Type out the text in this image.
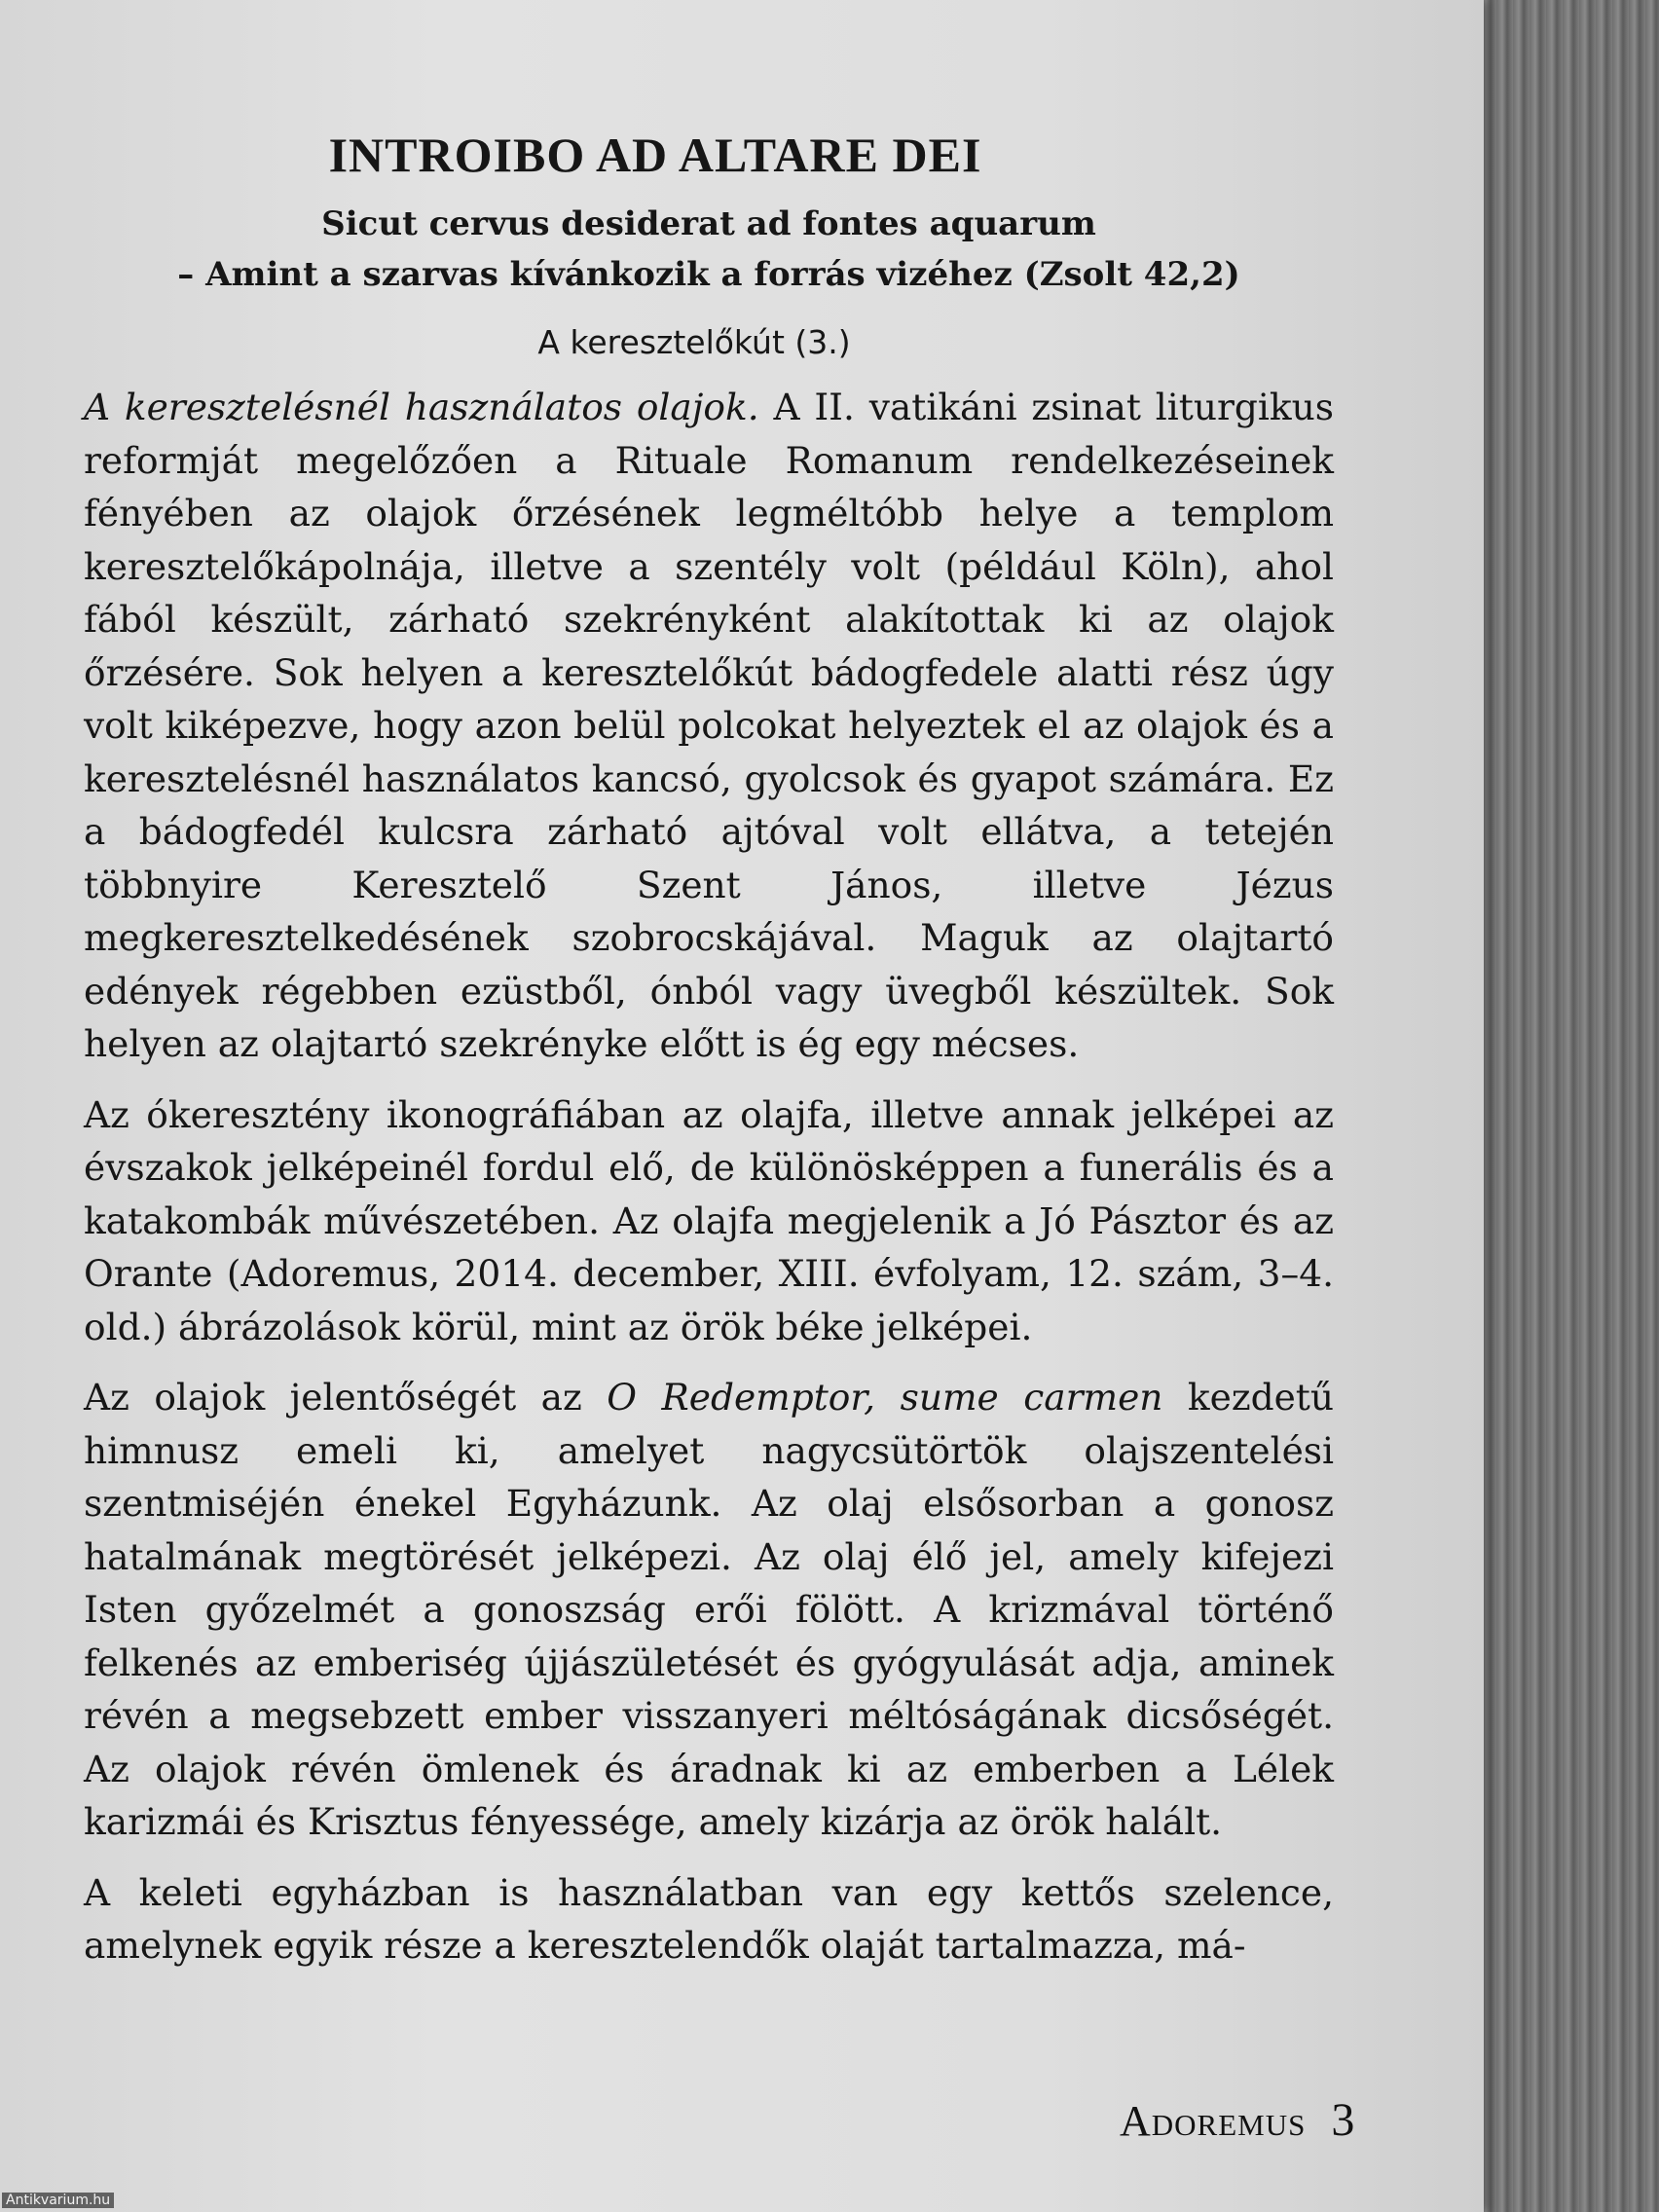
INTROIBO AD ALTARE DEI
Sicut cervus desiderat ad fontes aquarum
– Amint a szarvas kívánkozik a forrás vizéhez (Zsolt 42,2)
A keresztelőkút (3.)

A keresztelésnél használatos olajok. A II. vatikáni zsinat liturgikus reformját megelőzően a Rituale Romanum rendelkezéseinek fényében az olajok őrzésének legméltóbb helye a templom keresztelőkápolnája, illetve a szentély volt (például Köln), ahol fából készült, zárható szekrényként alakítottak ki az olajok őrzésére. Sok helyen a keresztelőkút bádogfedele alatti rész úgy volt kiképezve, hogy azon belül polcokat helyeztek el az olajok és a keresztelésnél használatos kancsó, gyolcsok és gyapot számára. Ez a bádogfedél kulcsra zárható ajtóval volt ellátva, a tetején többnyire Keresztelő Szent János, illetve Jézus megkeresztelkedésének szobrocskájával. Maguk az olajtartó edények régebben ezüstből, ónból vagy üvegből készültek. Sok helyen az olajtartó szekrényke előtt is ég egy mécses.

Az ókeresztény ikonográfiában az olajfa, illetve annak jelképei az évszakok jelképeinél fordul elő, de különösképpen a funerális és a katakombák művészetében. Az olajfa megjelenik a Jó Pásztor és az Orante (Adoremus, 2014. december, XIII. évfolyam, 12. szám, 3–4. old.) ábrázolások körül, mint az örök béke jelképei.

Az olajok jelentőségét az O Redemptor, sume carmen kezdetű himnusz emeli ki, amelyet nagycsütörtök olajszentelési szentmiséjén énekel Egyházunk. Az olaj elsősorban a gonosz hatalmának megtörését jelképezi. Az olaj élő jel, amely kifejezi Isten győzelmét a gonoszság erői fölött. A krizmával történő felkenés az emberiség újjászületését és gyógyulását adja, aminek révén a megsebzett ember visszanyeri méltóságának dicsőségét. Az olajok révén ömlenek és áradnak ki az emberben a Lélek karizmái és Krisztus fényessége, amely kizárja az örök halált.

A keleti egyházban is használatban van egy kettős szelence, amelynek egyik része a keresztelendők olaját tartalmazza, má-

Adoremus 3
Antikvarium.hu
